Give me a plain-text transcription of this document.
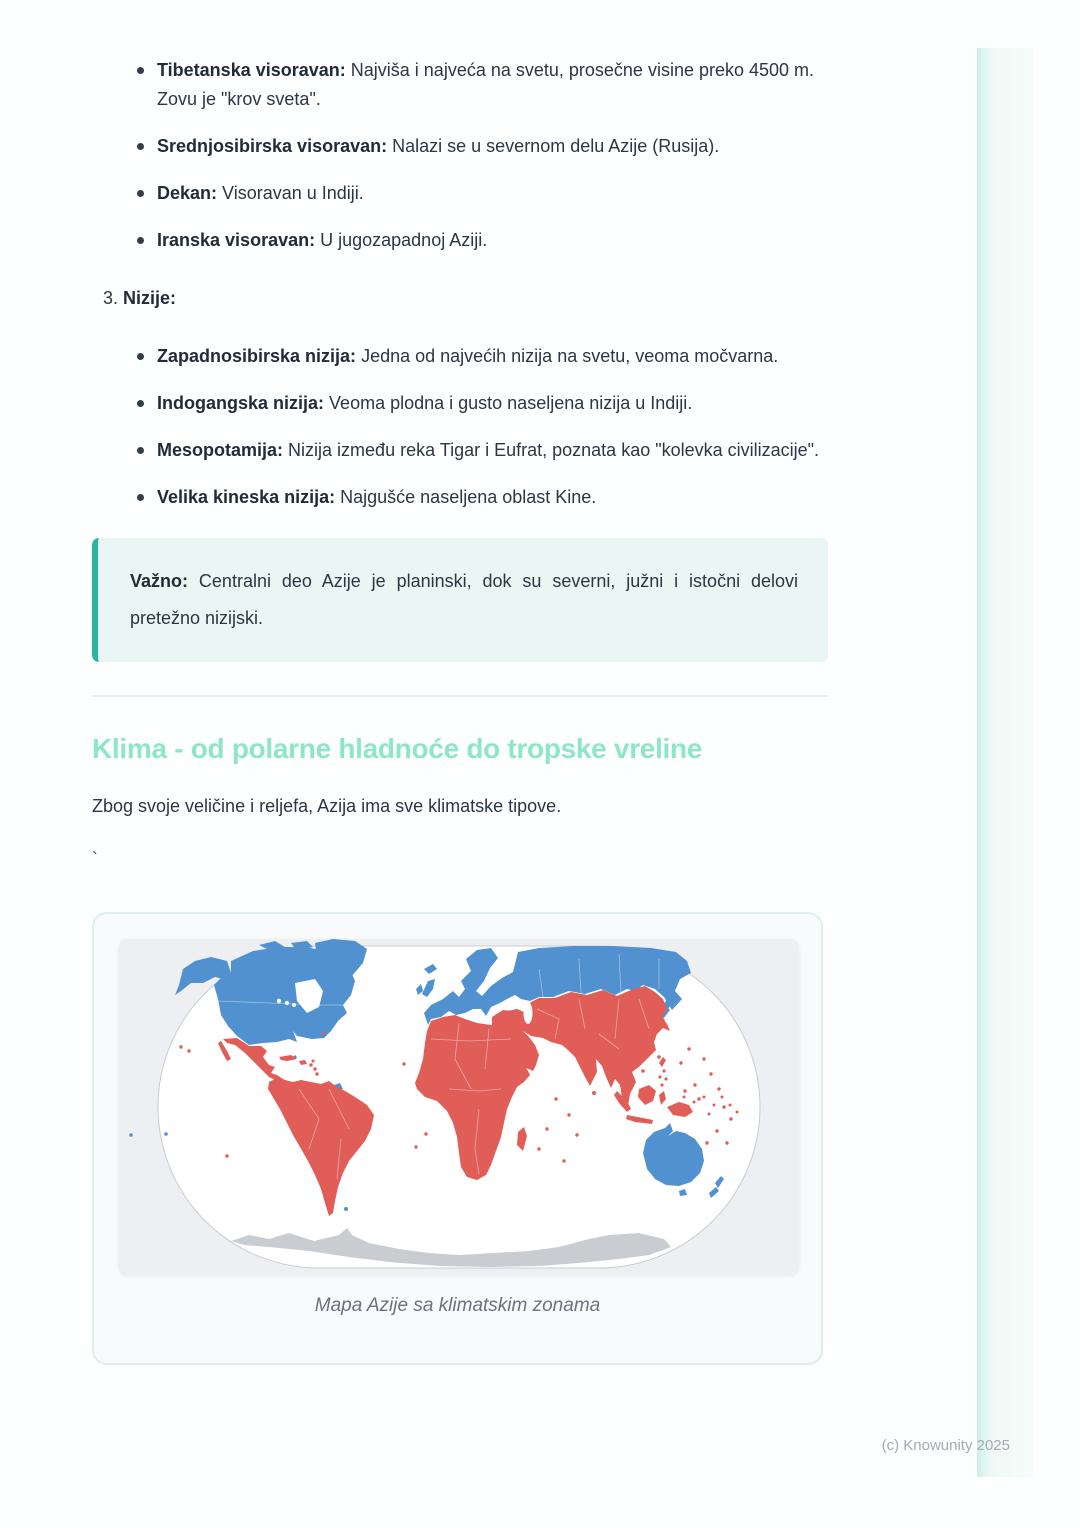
Tibetanska visoravan: Najviša i najveća na svetu, prosečne visine preko 4500 m. Zovu je "krov sveta".
Srednjosibirska visoravan: Nalazi se u severnom delu Azije (Rusija).
Dekan: Visoravan u Indiji.
Iranska visoravan: U jugozapadnoj Aziji.
3. Nizije:
Zapadnosibirska nizija: Jedna od najvećih nizija na svetu, veoma močvarna.
Indogangska nizija: Veoma plodna i gusto naseljena nizija u Indiji.
Mesopotamija: Nizija između reka Tigar i Eufrat, poznata kao "kolevka civilizacije".
Velika kineska nizija: Najgušće naseljena oblast Kine.

Važno: Centralni deo Azije je planinski, dok su severni, južni i istočni delovi pretežno nizijski.

Klima - od polarne hladnoće do tropske vreline

Zbog svoje veličine i reljefa, Azija ima sve klimatske tipove.

`

Mapa Azije sa klimatskim zonama
(c) Knowunity 2025
